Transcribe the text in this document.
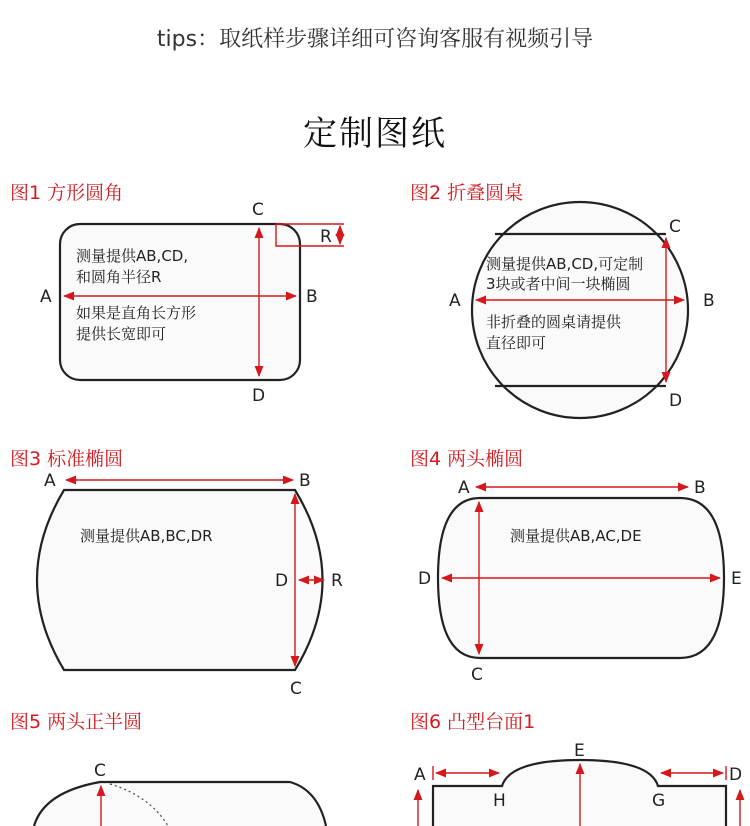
tips：取纸样步骤详细可咨询客服有视频引导
定制图纸
图1 方形圆角	图2 折叠圆桌
图3 标准椭圆	图4 两头椭圆
图5 两头正半圆	图6 凸型台面1
A	B
C
D
R
测量提供AB,CD,
和圆角半径R
如果是直角长方形
提供长宽即可
A	B
C
D
测量提供AB,CD,可定制
3块或者中间一块椭圆
非折叠的圆桌请提供
直径即可
A	B
C
D	R
测量提供AB,BC,DR
A	B
C
D	E
测量提供AB,AC,DE
C	A	D
E
H	G
